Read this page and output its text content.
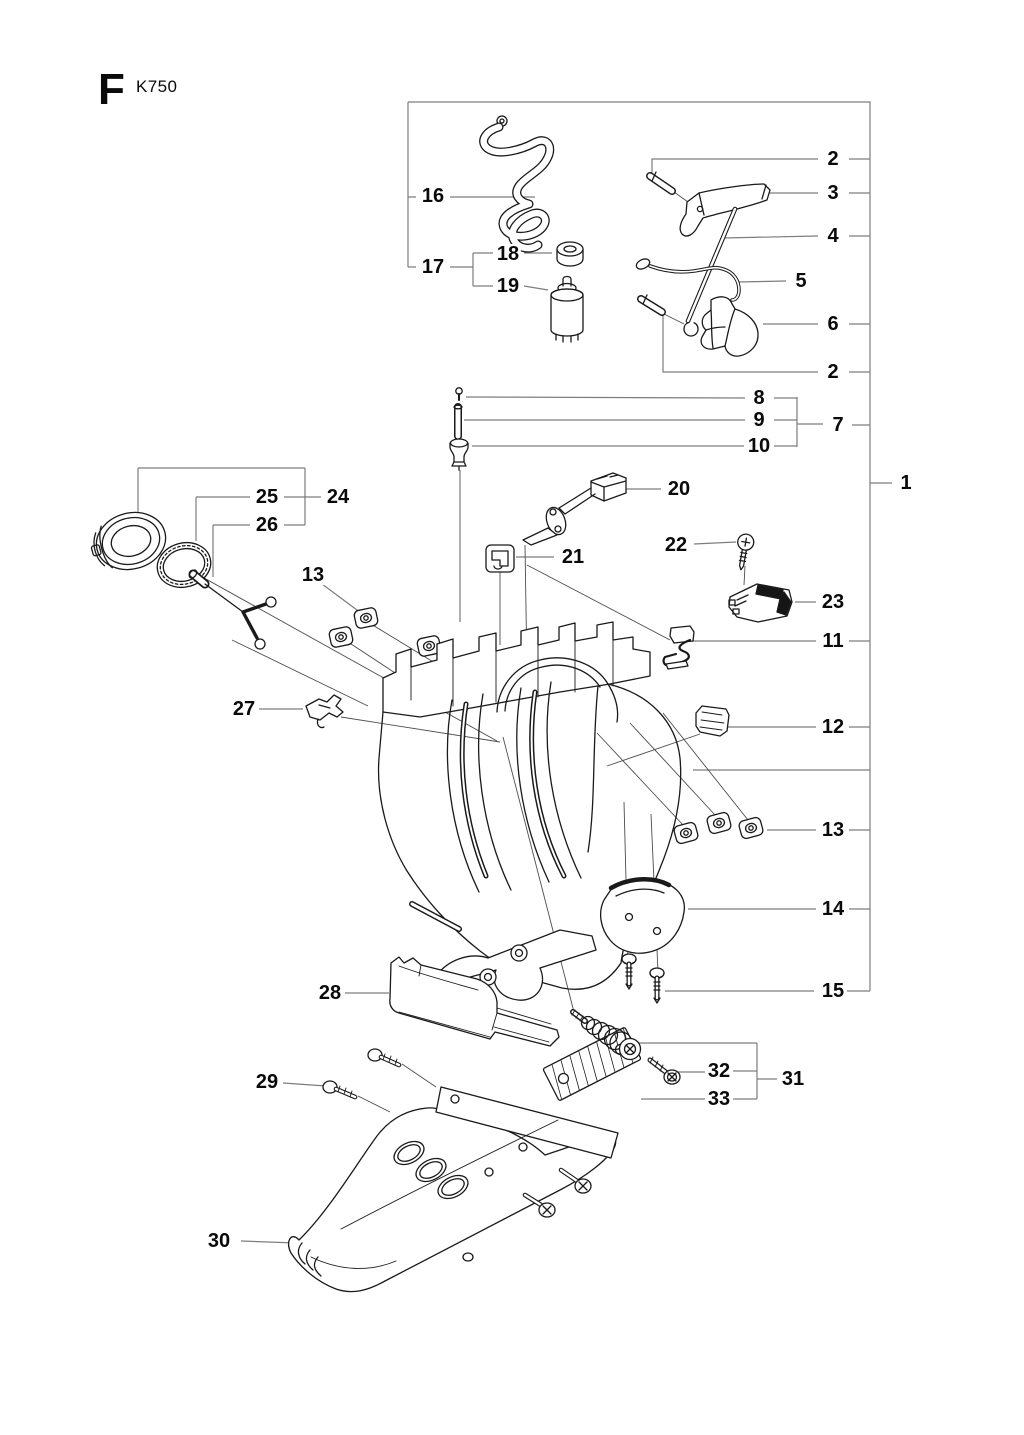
F K750
2
3
4
5
6
2
16
17
18
19
8
9
10
7
1
20
22
21
23
11
25 24
26
13
27
12
13
14
15
28
29
30
32
33
31
